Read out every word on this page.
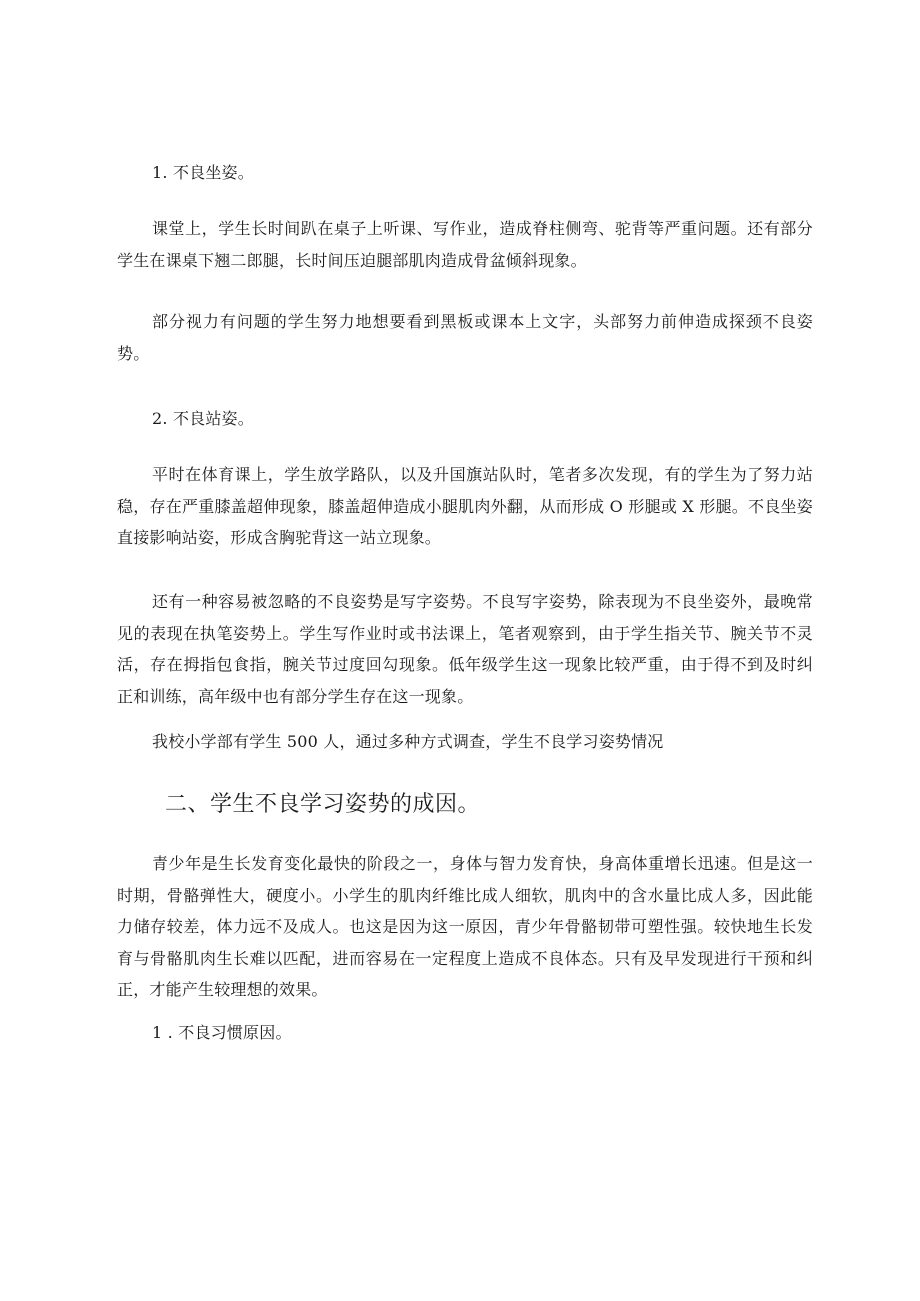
1. 不良坐姿。

课堂上，学生长时间趴在桌子上听课、写作业，造成脊柱侧弯、驼背等严重问题。还有部分学生在课桌下翘二郎腿，长时间压迫腿部肌肉造成骨盆倾斜现象。

部分视力有问题的学生努力地想要看到黑板或课本上文字，头部努力前伸造成探颈不良姿势。

2. 不良站姿。

平时在体育课上，学生放学路队，以及升国旗站队时，笔者多次发现，有的学生为了努力站稳，存在严重膝盖超伸现象，膝盖超伸造成小腿肌肉外翻，从而形成 O 形腿或 X 形腿。不良坐姿直接影响站姿，形成含胸驼背这一站立现象。

还有一种容易被忽略的不良姿势是写字姿势。不良写字姿势，除表现为不良坐姿外，最晚常见的表现在执笔姿势上。学生写作业时或书法课上，笔者观察到，由于学生指关节、腕关节不灵活，存在拇指包食指，腕关节过度回勾现象。低年级学生这一现象比较严重，由于得不到及时纠正和训练，高年级中也有部分学生存在这一现象。

我校小学部有学生 500 人，通过多种方式调查，学生不良学习姿势情况

二、学生不良学习姿势的成因。

青少年是生长发育变化最快的阶段之一，身体与智力发育快，身高体重增长迅速。但是这一时期，骨骼弹性大，硬度小。小学生的肌肉纤维比成人细软，肌肉中的含水量比成人多，因此能力储存较差，体力远不及成人。也这是因为这一原因，青少年骨骼韧带可塑性强。较快地生长发育与骨骼肌肉生长难以匹配，进而容易在一定程度上造成不良体态。只有及早发现进行干预和纠正，才能产生较理想的效果。

1 . 不良习惯原因。
